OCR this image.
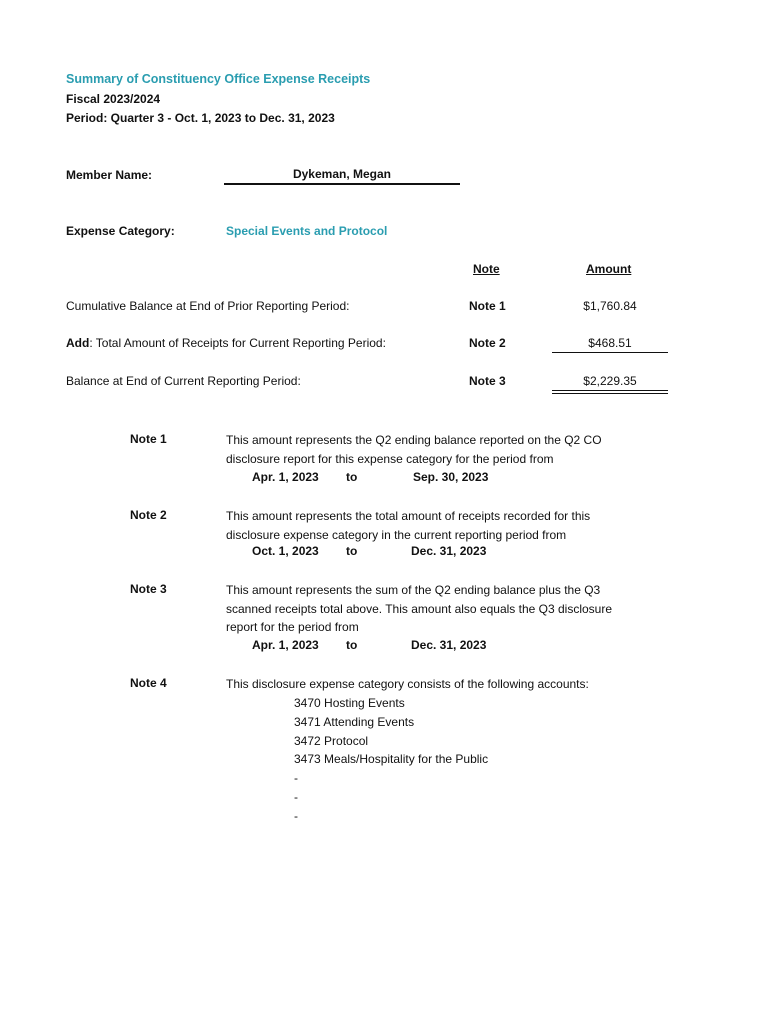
Summary of Constituency Office Expense Receipts
Fiscal 2023/2024
Period: Quarter 3 - Oct. 1, 2023 to Dec. 31, 2023
Member Name:	Dykeman, Megan
Expense Category:	Special Events and Protocol
Note	Amount
Cumulative Balance at End of Prior Reporting Period:	Note 1	$1,760.84
Add: Total Amount of Receipts for Current Reporting Period:	Note 2	$468.51
Balance at End of Current Reporting Period:	Note 3	$2,229.35
Note 1	This amount represents the Q2 ending balance reported on the Q2 CO
disclosure report for this expense category for the period from
Apr. 1, 2023 to	Sep. 30, 2023
Note 2	This amount represents the total amount of receipts recorded for this
disclosure expense category in the current reporting period from
Oct. 1, 2023 to	Dec. 31, 2023
Note 3	This amount represents the sum of the Q2 ending balance plus the Q3
scanned receipts total above. This amount also equals the Q3 disclosure
report for the period from
Apr. 1, 2023 to	Dec. 31, 2023
Note 4	This disclosure expense category consists of the following accounts:
3470 Hosting Events
3471 Attending Events
3472 Protocol
3473 Meals/Hospitality for the Public
-
-
-
